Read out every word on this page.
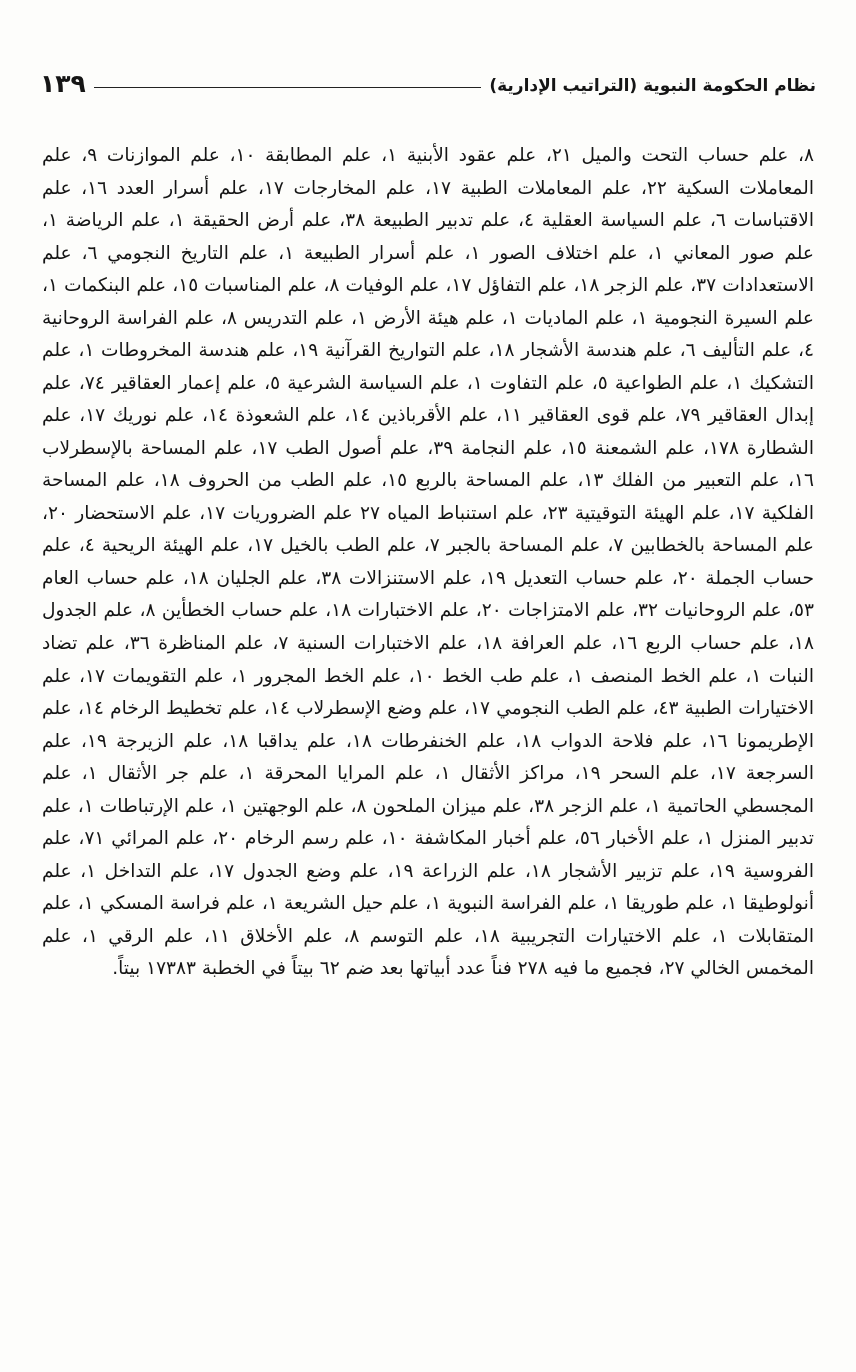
نظام الحكومة النبوية (التراتيب الإدارية)
١٣٩

٨، علم حساب التحت والميل ٢١، علم عقود الأبنية ١، علم المطابقة ١٠، علم الموازنات ٩، علم المعاملات السكية ٢٢، علم المعاملات الطبية ١٧، علم المخارجات ١٧، علم أسرار العدد ١٦، علم الاقتباسات ٦، علم السياسة العقلية ٤، علم تدبير الطبيعة ٣٨، علم أرض الحقيقة ١، علم الرياضة ١، علم صور المعاني ١، علم اختلاف الصور ١، علم أسرار الطبيعة ١، علم التاريخ النجومي ٦، علم الاستعدادات ٣٧، علم الزجر ١٨، علم التفاؤل ١٧، علم الوفيات ٨، علم المناسبات ١٥، علم البنكمات ١، علم السيرة النجومية ١، علم الماديات ١، علم هيئة الأرض ١، علم التدريس ٨، علم الفراسة الروحانية ٤، علم التأليف ٦، علم هندسة الأشجار ١٨، علم التواريخ القرآنية ١٩، علم هندسة المخروطات ١، علم التشكيك ١، علم الطواعية ٥، علم التفاوت ١، علم السياسة الشرعية ٥، علم إعمار العقاقير ٧٤، علم إبدال العقاقير ٧٩، علم قوى العقاقير ١١، علم الأقرباذين ١٤، علم الشعوذة ١٤، علم نوريك ١٧، علم الشطارة ١٧٨، علم الشمعنة ١٥، علم النجامة ٣٩، علم أصول الطب ١٧، علم المساحة بالإسطرلاب ١٦، علم التعبير من الفلك ١٣، علم المساحة بالربع ١٥، علم الطب من الحروف ١٨، علم المساحة الفلكية ١٧، علم الهيئة التوقيتية ٢٣، علم استنباط المياه ٢٧ علم الضروريات ١٧، علم الاستحضار ٢٠، علم المساحة بالخطابين ٧، علم المساحة بالجبر ٧، علم الطب بالخيل ١٧، علم الهيئة الريحية ٤، علم حساب الجملة ٢٠، علم حساب التعديل ١٩، علم الاستنزالات ٣٨، علم الجليان ١٨، علم حساب العام ٥٣، علم الروحانيات ٣٢، علم الامتزاجات ٢٠، علم الاختبارات ١٨، علم حساب الخطأين ٨، علم الجدول ١٨، علم حساب الربع ١٦، علم العرافة ١٨، علم الاختبارات السنية ٧، علم المناظرة ٣٦، علم تضاد النبات ١، علم الخط المنصف ١، علم طب الخط ١٠، علم الخط المجرور ١، علم التقويمات ١٧، علم الاختيارات الطبية ٤٣، علم الطب النجومي ١٧، علم وضع الإسطرلاب ١٤، علم تخطيط الرخام ١٤، علم الإطريمونا ١٦، علم فلاحة الدواب ١٨، علم الخنفرطات ١٨، علم يداقبا ١٨، علم الزيرجة ١٩، علم السرجعة ١٧، علم السحر ١٩، مراكز الأثقال ١، علم المرايا المحرقة ١، علم جر الأثقال ١، علم المجسطي الحاتمية ١، علم الزجر ٣٨، علم ميزان الملحون ٨، علم الوجهتين ١، علم الإرتباطات ١، علم تدبير المنزل ١، علم الأخبار ٥٦، علم أخبار المكاشفة ١٠، علم رسم الرخام ٢٠، علم المرائي ٧١، علم الفروسية ١٩، علم تزبير الأشجار ١٨، علم الزراعة ١٩، علم وضع الجدول ١٧، علم التداخل ١، علم أنولوطيقا ١، علم طوريقا ١، علم الفراسة النبوية ١، علم حيل الشريعة ١، علم فراسة المسكي ١، علم المتقابلات ١، علم الاختيارات التجريبية ١٨، علم التوسم ٨، علم الأخلاق ١١، علم الرقي ١، علم المخمس الخالي ٢٧، فجميع ما فيه ٢٧٨ فناً عدد أبياتها بعد ضم ٦٢ بيتاً في الخطبة ١٧٣٨٣ بيتاً.
